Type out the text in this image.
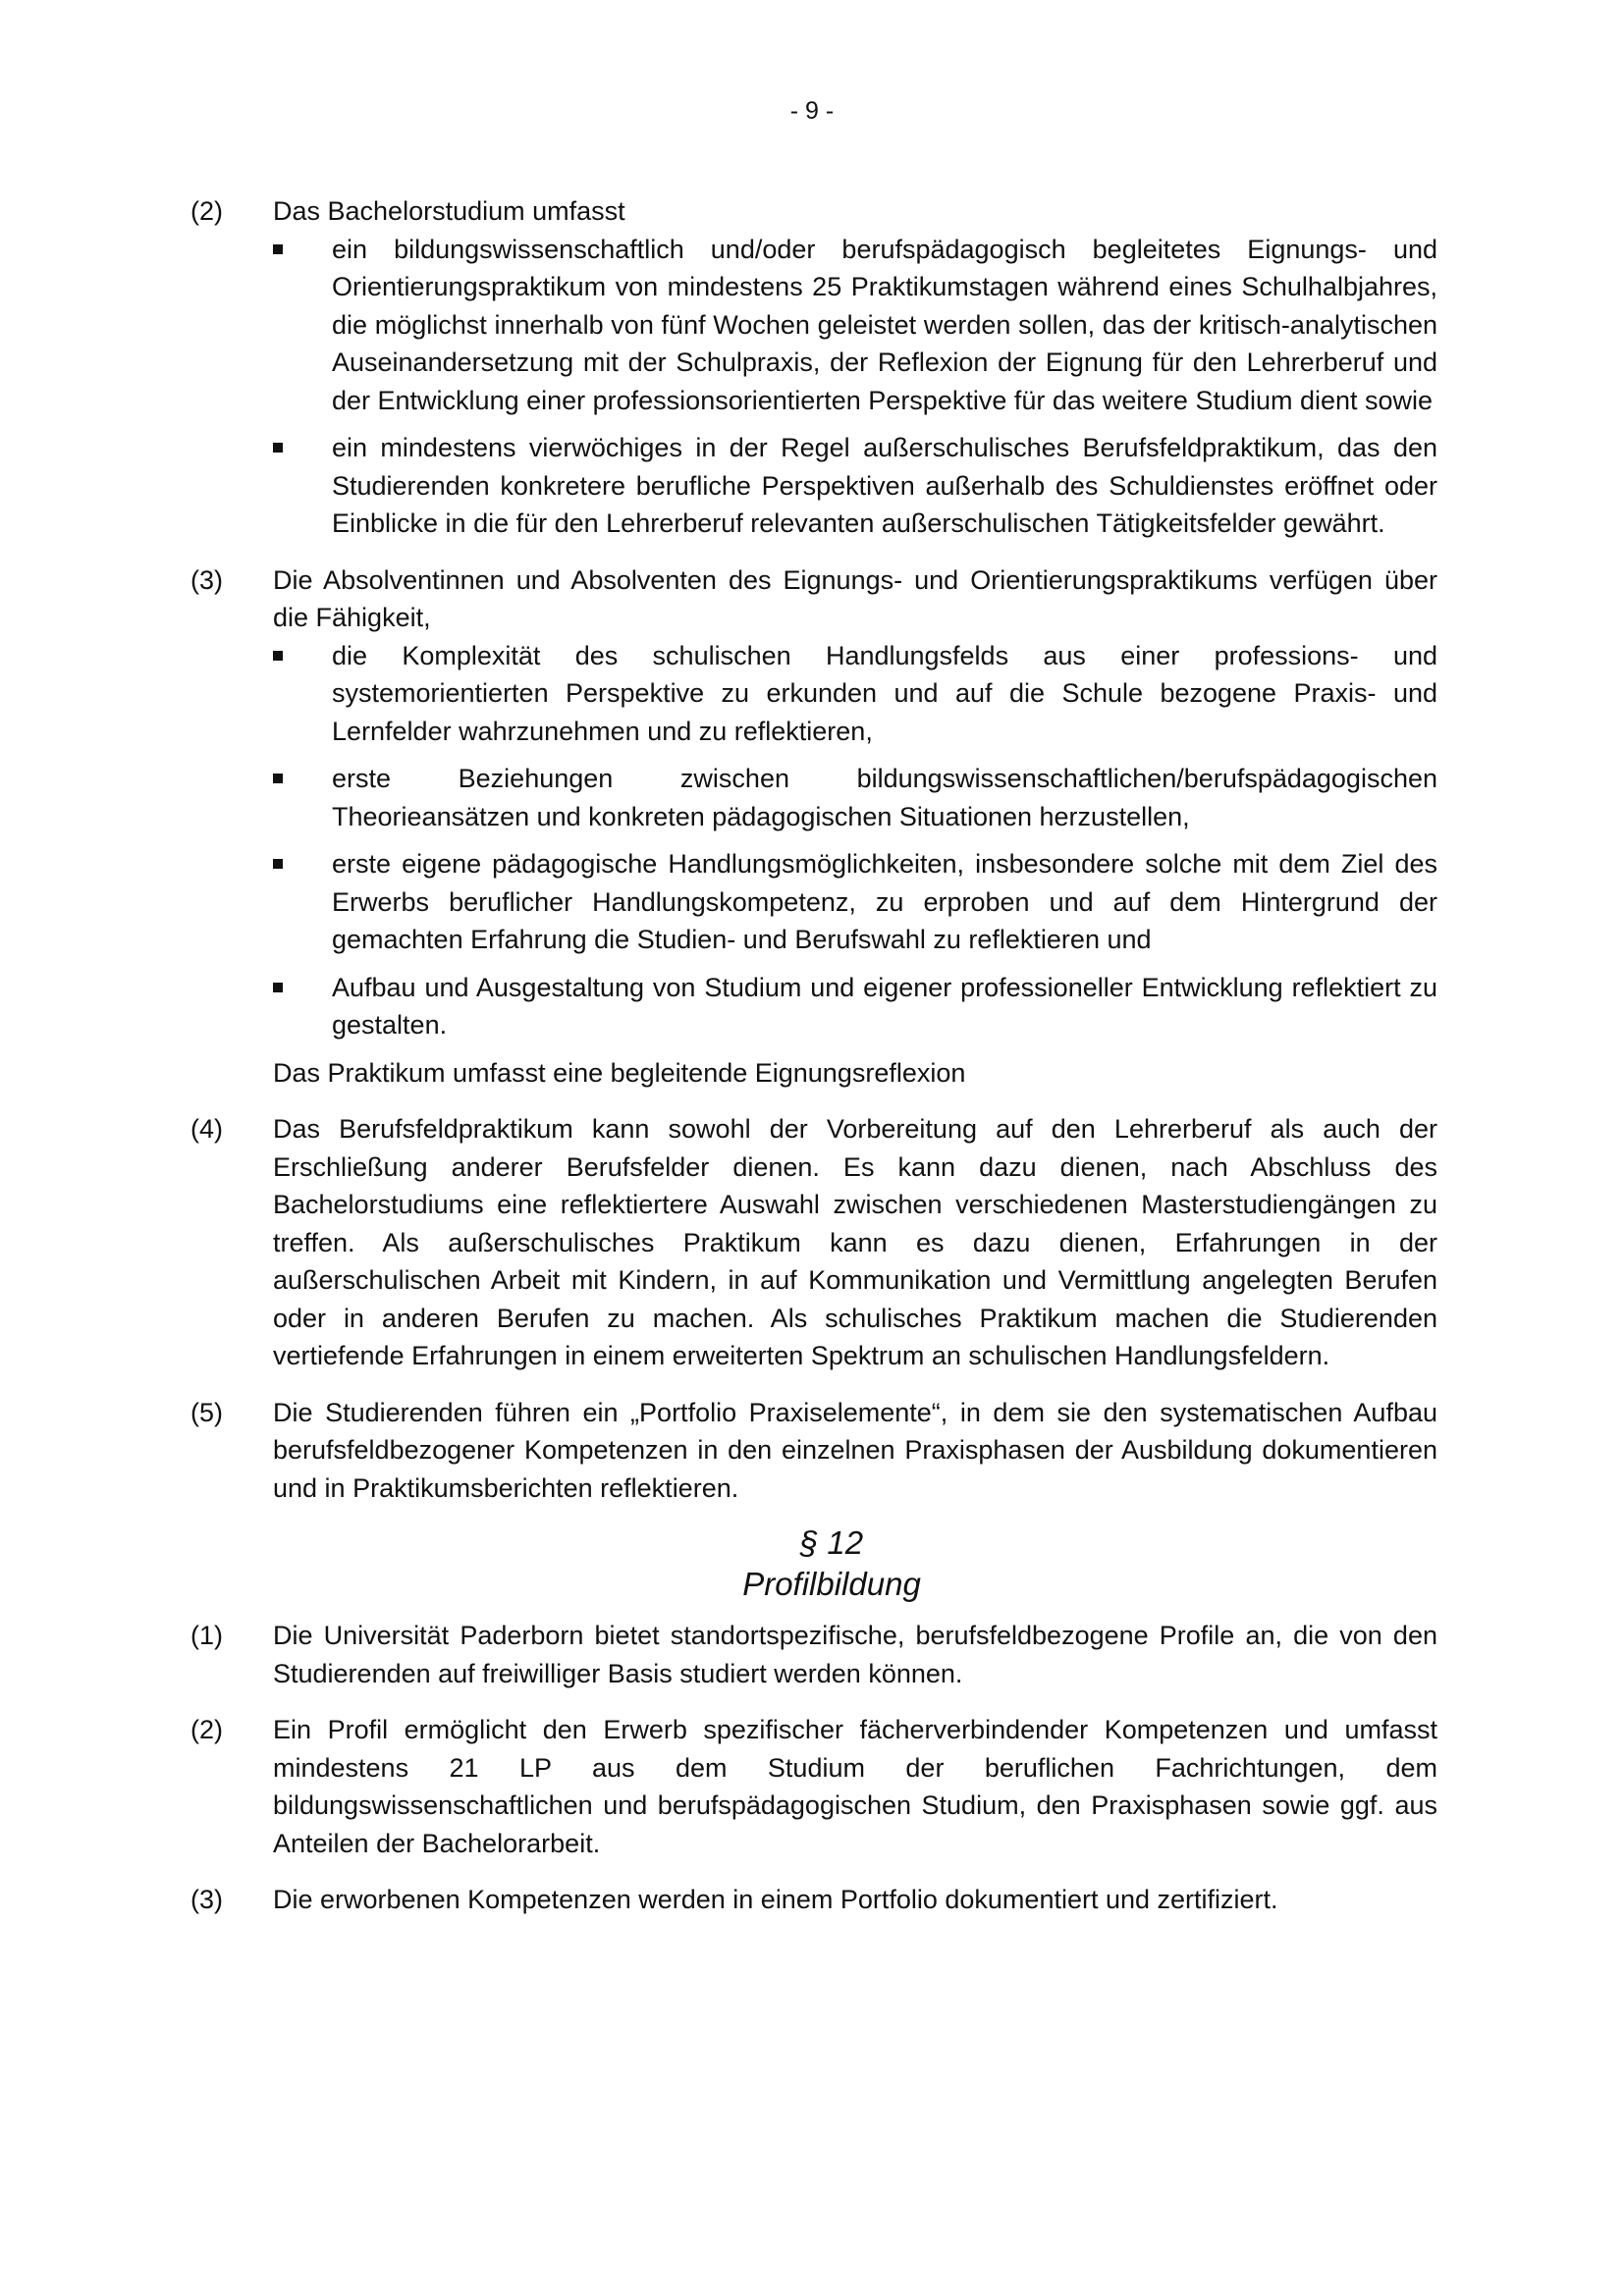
- 9 -
(2) Das Bachelorstudium umfasst
ein bildungswissenschaftlich und/oder berufspädagogisch begleitetes Eignungs- und Orientierungspraktikum von mindestens 25 Praktikumstagen während eines Schulhalbjahres, die möglichst innerhalb von fünf Wochen geleistet werden sollen, das der kritisch-analytischen Auseinandersetzung mit der Schulpraxis, der Reflexion der Eignung für den Lehrerberuf und der Entwicklung einer professionsorientierten Perspektive für das weitere Studium dient sowie
ein mindestens vierwöchiges in der Regel außerschulisches Berufsfeldpraktikum, das den Studierenden konkretere berufliche Perspektiven außerhalb des Schuldienstes eröffnet oder Einblicke in die für den Lehrerberuf relevanten außerschulischen Tätigkeitsfelder gewährt.
(3) Die Absolventinnen und Absolventen des Eignungs- und Orientierungspraktikums verfügen über die Fähigkeit,
die Komplexität des schulischen Handlungsfelds aus einer professions- und systemorientierten Perspektive zu erkunden und auf die Schule bezogene Praxis- und Lernfelder wahrzunehmen und zu reflektieren,
erste Beziehungen zwischen bildungswissenschaftlichen/berufspädagogischen Theorieansätzen und konkreten pädagogischen Situationen herzustellen,
erste eigene pädagogische Handlungsmöglichkeiten, insbesondere solche mit dem Ziel des Erwerbs beruflicher Handlungskompetenz, zu erproben und auf dem Hintergrund der gemachten Erfahrung die Studien- und Berufswahl zu reflektieren und
Aufbau und Ausgestaltung von Studium und eigener professioneller Entwicklung reflektiert zu gestalten.
Das Praktikum umfasst eine begleitende Eignungsreflexion
(4) Das Berufsfeldpraktikum kann sowohl der Vorbereitung auf den Lehrerberuf als auch der Erschließung anderer Berufsfelder dienen. Es kann dazu dienen, nach Abschluss des Bachelorstudiums eine reflektiertere Auswahl zwischen verschiedenen Masterstudiengängen zu treffen. Als außerschulisches Praktikum kann es dazu dienen, Erfahrungen in der außerschulischen Arbeit mit Kindern, in auf Kommunikation und Vermittlung angelegten Berufen oder in anderen Berufen zu machen. Als schulisches Praktikum machen die Studierenden vertiefende Erfahrungen in einem erweiterten Spektrum an schulischen Handlungsfeldern.
(5) Die Studierenden führen ein „Portfolio Praxiselemente“, in dem sie den systematischen Aufbau berufsfeldbezogener Kompetenzen in den einzelnen Praxisphasen der Ausbildung dokumentieren und in Praktikumsberichten reflektieren.
§ 12
Profilbildung
(1) Die Universität Paderborn bietet standortspezifische, berufsfeldbezogene Profile an, die von den Studierenden auf freiwilliger Basis studiert werden können.
(2) Ein Profil ermöglicht den Erwerb spezifischer fächerverbindender Kompetenzen und umfasst mindestens 21 LP aus dem Studium der beruflichen Fachrichtungen, dem bildungswissenschaftlichen und berufspädagogischen Studium, den Praxisphasen sowie ggf. aus Anteilen der Bachelorarbeit.
(3) Die erworbenen Kompetenzen werden in einem Portfolio dokumentiert und zertifiziert.
